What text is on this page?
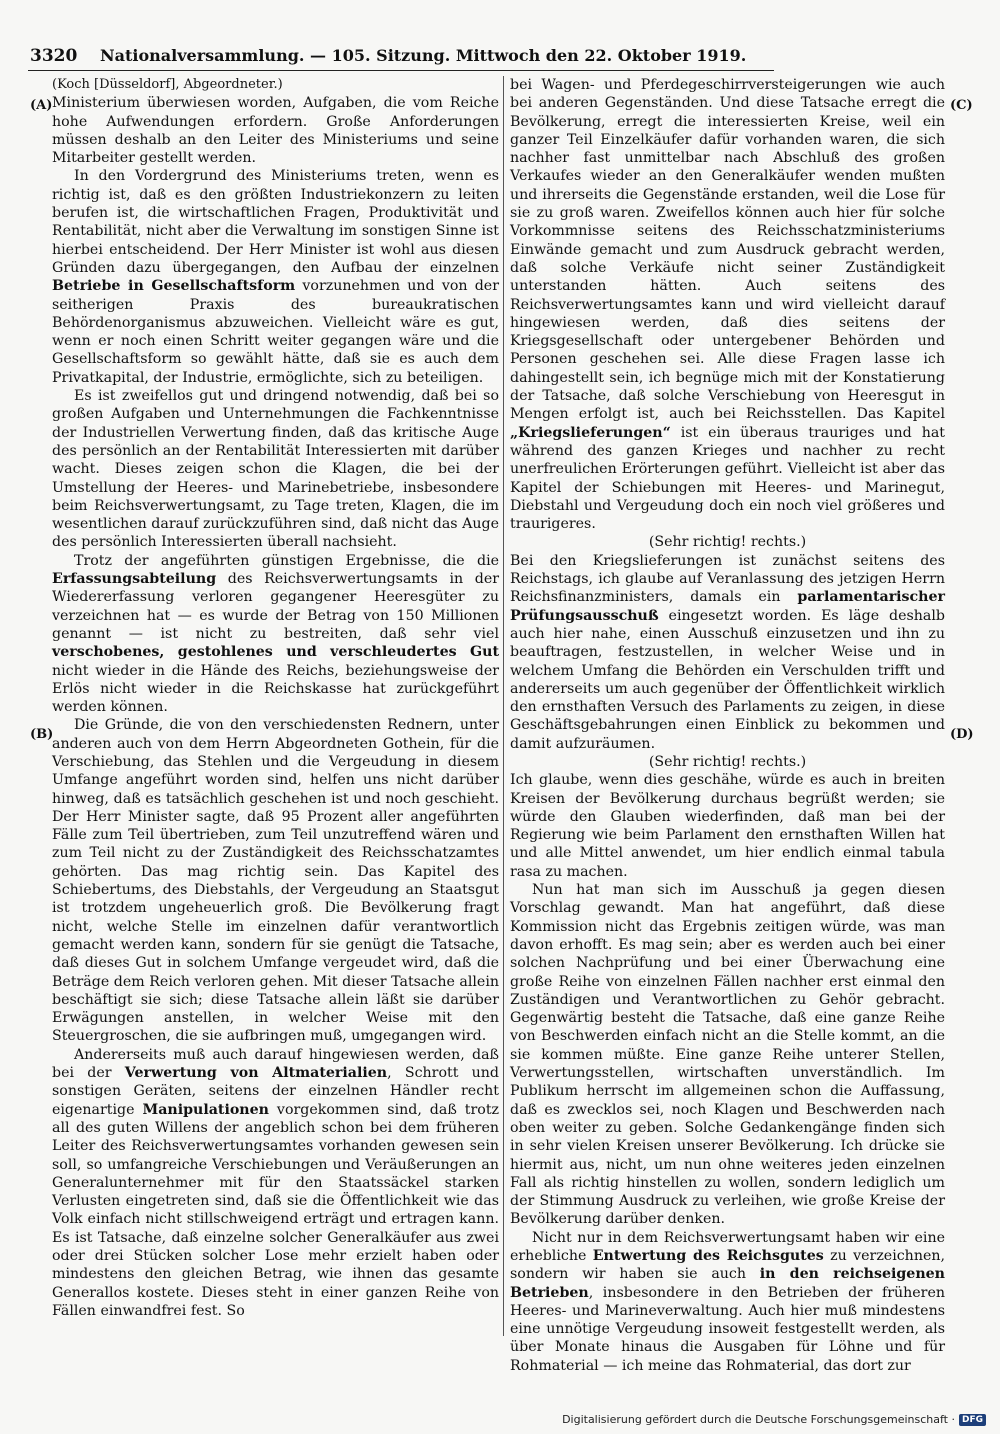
3320 Nationalversammlung. — 105. Sitzung. Mittwoch den 22. Oktober 1919.
(A)
(B)
(C)
(D)

(Koch [Düsseldorf], Abgeordneter.)

Ministerium überwiesen worden, Aufgaben, die vom Reiche hohe Aufwendungen erfordern. Große Anforderungen müssen deshalb an den Leiter des Ministeriums und seine Mitarbeiter gestellt werden.

In den Vordergrund des Ministeriums treten, wenn es richtig ist, daß es den größten Industriekonzern zu leiten berufen ist, die wirtschaftlichen Fragen, Produktivität und Rentabilität, nicht aber die Verwaltung im sonstigen Sinne ist hierbei entscheidend. Der Herr Minister ist wohl aus diesen Gründen dazu übergegangen, den Aufbau der einzelnen Betriebe in Gesellschaftsform vorzunehmen und von der seitherigen Praxis des bureaukratischen Behördenorganismus abzuweichen. Vielleicht wäre es gut, wenn er noch einen Schritt weiter gegangen wäre und die Gesellschaftsform so gewählt hätte, daß sie es auch dem Privatkapital, der Industrie, ermöglichte, sich zu beteiligen.

Es ist zweifellos gut und dringend notwendig, daß bei so großen Aufgaben und Unternehmungen die Fachkenntnisse der Industriellen Verwertung finden, daß das kritische Auge des persönlich an der Rentabilität Interessierten mit darüber wacht. Dieses zeigen schon die Klagen, die bei der Umstellung der Heeres- und Marinebetriebe, insbesondere beim Reichsverwertungsamt, zu Tage treten, Klagen, die im wesentlichen darauf zurückzuführen sind, daß nicht das Auge des persönlich Interessierten überall nachsieht.

Trotz der angeführten günstigen Ergebnisse, die die Erfassungsabteilung des Reichsverwertungsamts in der Wiedererfassung verloren gegangener Heeresgüter zu verzeichnen hat — es wurde der Betrag von 150 Millionen genannt — ist nicht zu bestreiten, daß sehr viel verschobenes, gestohlenes und verschleudertes Gut nicht wieder in die Hände des Reichs, beziehungsweise der Erlös nicht wieder in die Reichskasse hat zurückgeführt werden können.

Die Gründe, die von den verschiedensten Rednern, unter anderen auch von dem Herrn Abgeordneten Gothein, für die Verschiebung, das Stehlen und die Vergeudung in diesem Umfange angeführt worden sind, helfen uns nicht darüber hinweg, daß es tatsächlich geschehen ist und noch geschieht. Der Herr Minister sagte, daß 95 Prozent aller angeführten Fälle zum Teil übertrieben, zum Teil unzutreffend wären und zum Teil nicht zu der Zuständigkeit des Reichsschatzamtes gehörten. Das mag richtig sein. Das Kapitel des Schiebertums, des Diebstahls, der Vergeudung an Staatsgut ist trotzdem ungeheuerlich groß. Die Bevölkerung fragt nicht, welche Stelle im einzelnen dafür verantwortlich gemacht werden kann, sondern für sie genügt die Tatsache, daß dieses Gut in solchem Umfange vergeudet wird, daß die Beträge dem Reich verloren gehen. Mit dieser Tatsache allein beschäftigt sie sich; diese Tatsache allein läßt sie darüber Erwägungen anstellen, in welcher Weise mit den Steuergroschen, die sie aufbringen muß, umgegangen wird.

Andererseits muß auch darauf hingewiesen werden, daß bei der Verwertung von Altmaterialien, Schrott und sonstigen Geräten, seitens der einzelnen Händler recht eigenartige Manipulationen vorgekommen sind, daß trotz all des guten Willens der angeblich schon bei dem früheren Leiter des Reichsverwertungsamtes vorhanden gewesen sein soll, so umfangreiche Verschiebungen und Veräußerungen an Generalunternehmer mit für den Staatssäckel starken Verlusten eingetreten sind, daß sie die Öffentlichkeit wie das Volk einfach nicht stillschweigend erträgt und ertragen kann. Es ist Tatsache, daß einzelne solcher Generalkäufer aus zwei oder drei Stücken solcher Lose mehr erzielt haben oder mindestens den gleichen Betrag, wie ihnen das gesamte Generallos kostete. Dieses steht in einer ganzen Reihe von Fällen einwandfrei fest. So

bei Wagen- und Pferdegeschirrversteigerungen wie auch bei anderen Gegenständen. Und diese Tatsache erregt die Bevölkerung, erregt die interessierten Kreise, weil ein ganzer Teil Einzelkäufer dafür vorhanden waren, die sich nachher fast unmittelbar nach Abschluß des großen Verkaufes wieder an den Generalkäufer wenden mußten und ihrerseits die Gegenstände erstanden, weil die Lose für sie zu groß waren. Zweifellos können auch hier für solche Vorkommnisse seitens des Reichsschatzministeriums Einwände gemacht und zum Ausdruck gebracht werden, daß solche Verkäufe nicht seiner Zuständigkeit unterstanden hätten. Auch seitens des Reichsverwertungsamtes kann und wird vielleicht darauf hingewiesen werden, daß dies seitens der Kriegsgesellschaft oder untergebener Behörden und Personen geschehen sei. Alle diese Fragen lasse ich dahingestellt sein, ich begnüge mich mit der Konstatierung der Tatsache, daß solche Verschiebung von Heeresgut in Mengen erfolgt ist, auch bei Reichsstellen. Das Kapitel „Kriegslieferungen“ ist ein überaus trauriges und hat während des ganzen Krieges und nachher zu recht unerfreulichen Erörterungen geführt. Vielleicht ist aber das Kapitel der Schiebungen mit Heeres- und Marinegut, Diebstahl und Vergeudung doch ein noch viel größeres und traurigeres.

(Sehr richtig! rechts.)

Bei den Kriegslieferungen ist zunächst seitens des Reichstags, ich glaube auf Veranlassung des jetzigen Herrn Reichsfinanzministers, damals ein parlamentarischer Prüfungsausschuß eingesetzt worden. Es läge deshalb auch hier nahe, einen Ausschuß einzusetzen und ihn zu beauftragen, festzustellen, in welcher Weise und in welchem Umfang die Behörden ein Verschulden trifft und andererseits um auch gegenüber der Öffentlichkeit wirklich den ernsthaften Versuch des Parlaments zu zeigen, in diese Geschäftsgebahrungen einen Einblick zu bekommen und damit aufzuräumen.

(Sehr richtig! rechts.)

Ich glaube, wenn dies geschähe, würde es auch in breiten Kreisen der Bevölkerung durchaus begrüßt werden; sie würde den Glauben wiederfinden, daß man bei der Regierung wie beim Parlament den ernsthaften Willen hat und alle Mittel anwendet, um hier endlich einmal tabula rasa zu machen.

Nun hat man sich im Ausschuß ja gegen diesen Vorschlag gewandt. Man hat angeführt, daß diese Kommission nicht das Ergebnis zeitigen würde, was man davon erhofft. Es mag sein; aber es werden auch bei einer solchen Nachprüfung und bei einer Überwachung eine große Reihe von einzelnen Fällen nachher erst einmal den Zuständigen und Verantwortlichen zu Gehör gebracht. Gegenwärtig besteht die Tatsache, daß eine ganze Reihe von Beschwerden einfach nicht an die Stelle kommt, an die sie kommen müßte. Eine ganze Reihe unterer Stellen, Verwertungsstellen, wirtschaften unverständlich. Im Publikum herrscht im allgemeinen schon die Auffassung, daß es zwecklos sei, noch Klagen und Beschwerden nach oben weiter zu geben. Solche Gedankengänge finden sich in sehr vielen Kreisen unserer Bevölkerung. Ich drücke sie hiermit aus, nicht, um nun ohne weiteres jeden einzelnen Fall als richtig hinstellen zu wollen, sondern lediglich um der Stimmung Ausdruck zu verleihen, wie große Kreise der Bevölkerung darüber denken.

Nicht nur in dem Reichsverwertungsamt haben wir eine erhebliche Entwertung des Reichsgutes zu verzeichnen, sondern wir haben sie auch in den reichseigenen Betrieben, insbesondere in den Betrieben der früheren Heeres- und Marineverwaltung. Auch hier muß mindestens eine unnötige Vergeudung insoweit festgestellt werden, als über Monate hinaus die Ausgaben für Löhne und für Rohmaterial — ich meine das Rohmaterial, das dort zur

Digitalisierung gefördert durch die Deutsche Forschungsgemeinschaft · DFG
